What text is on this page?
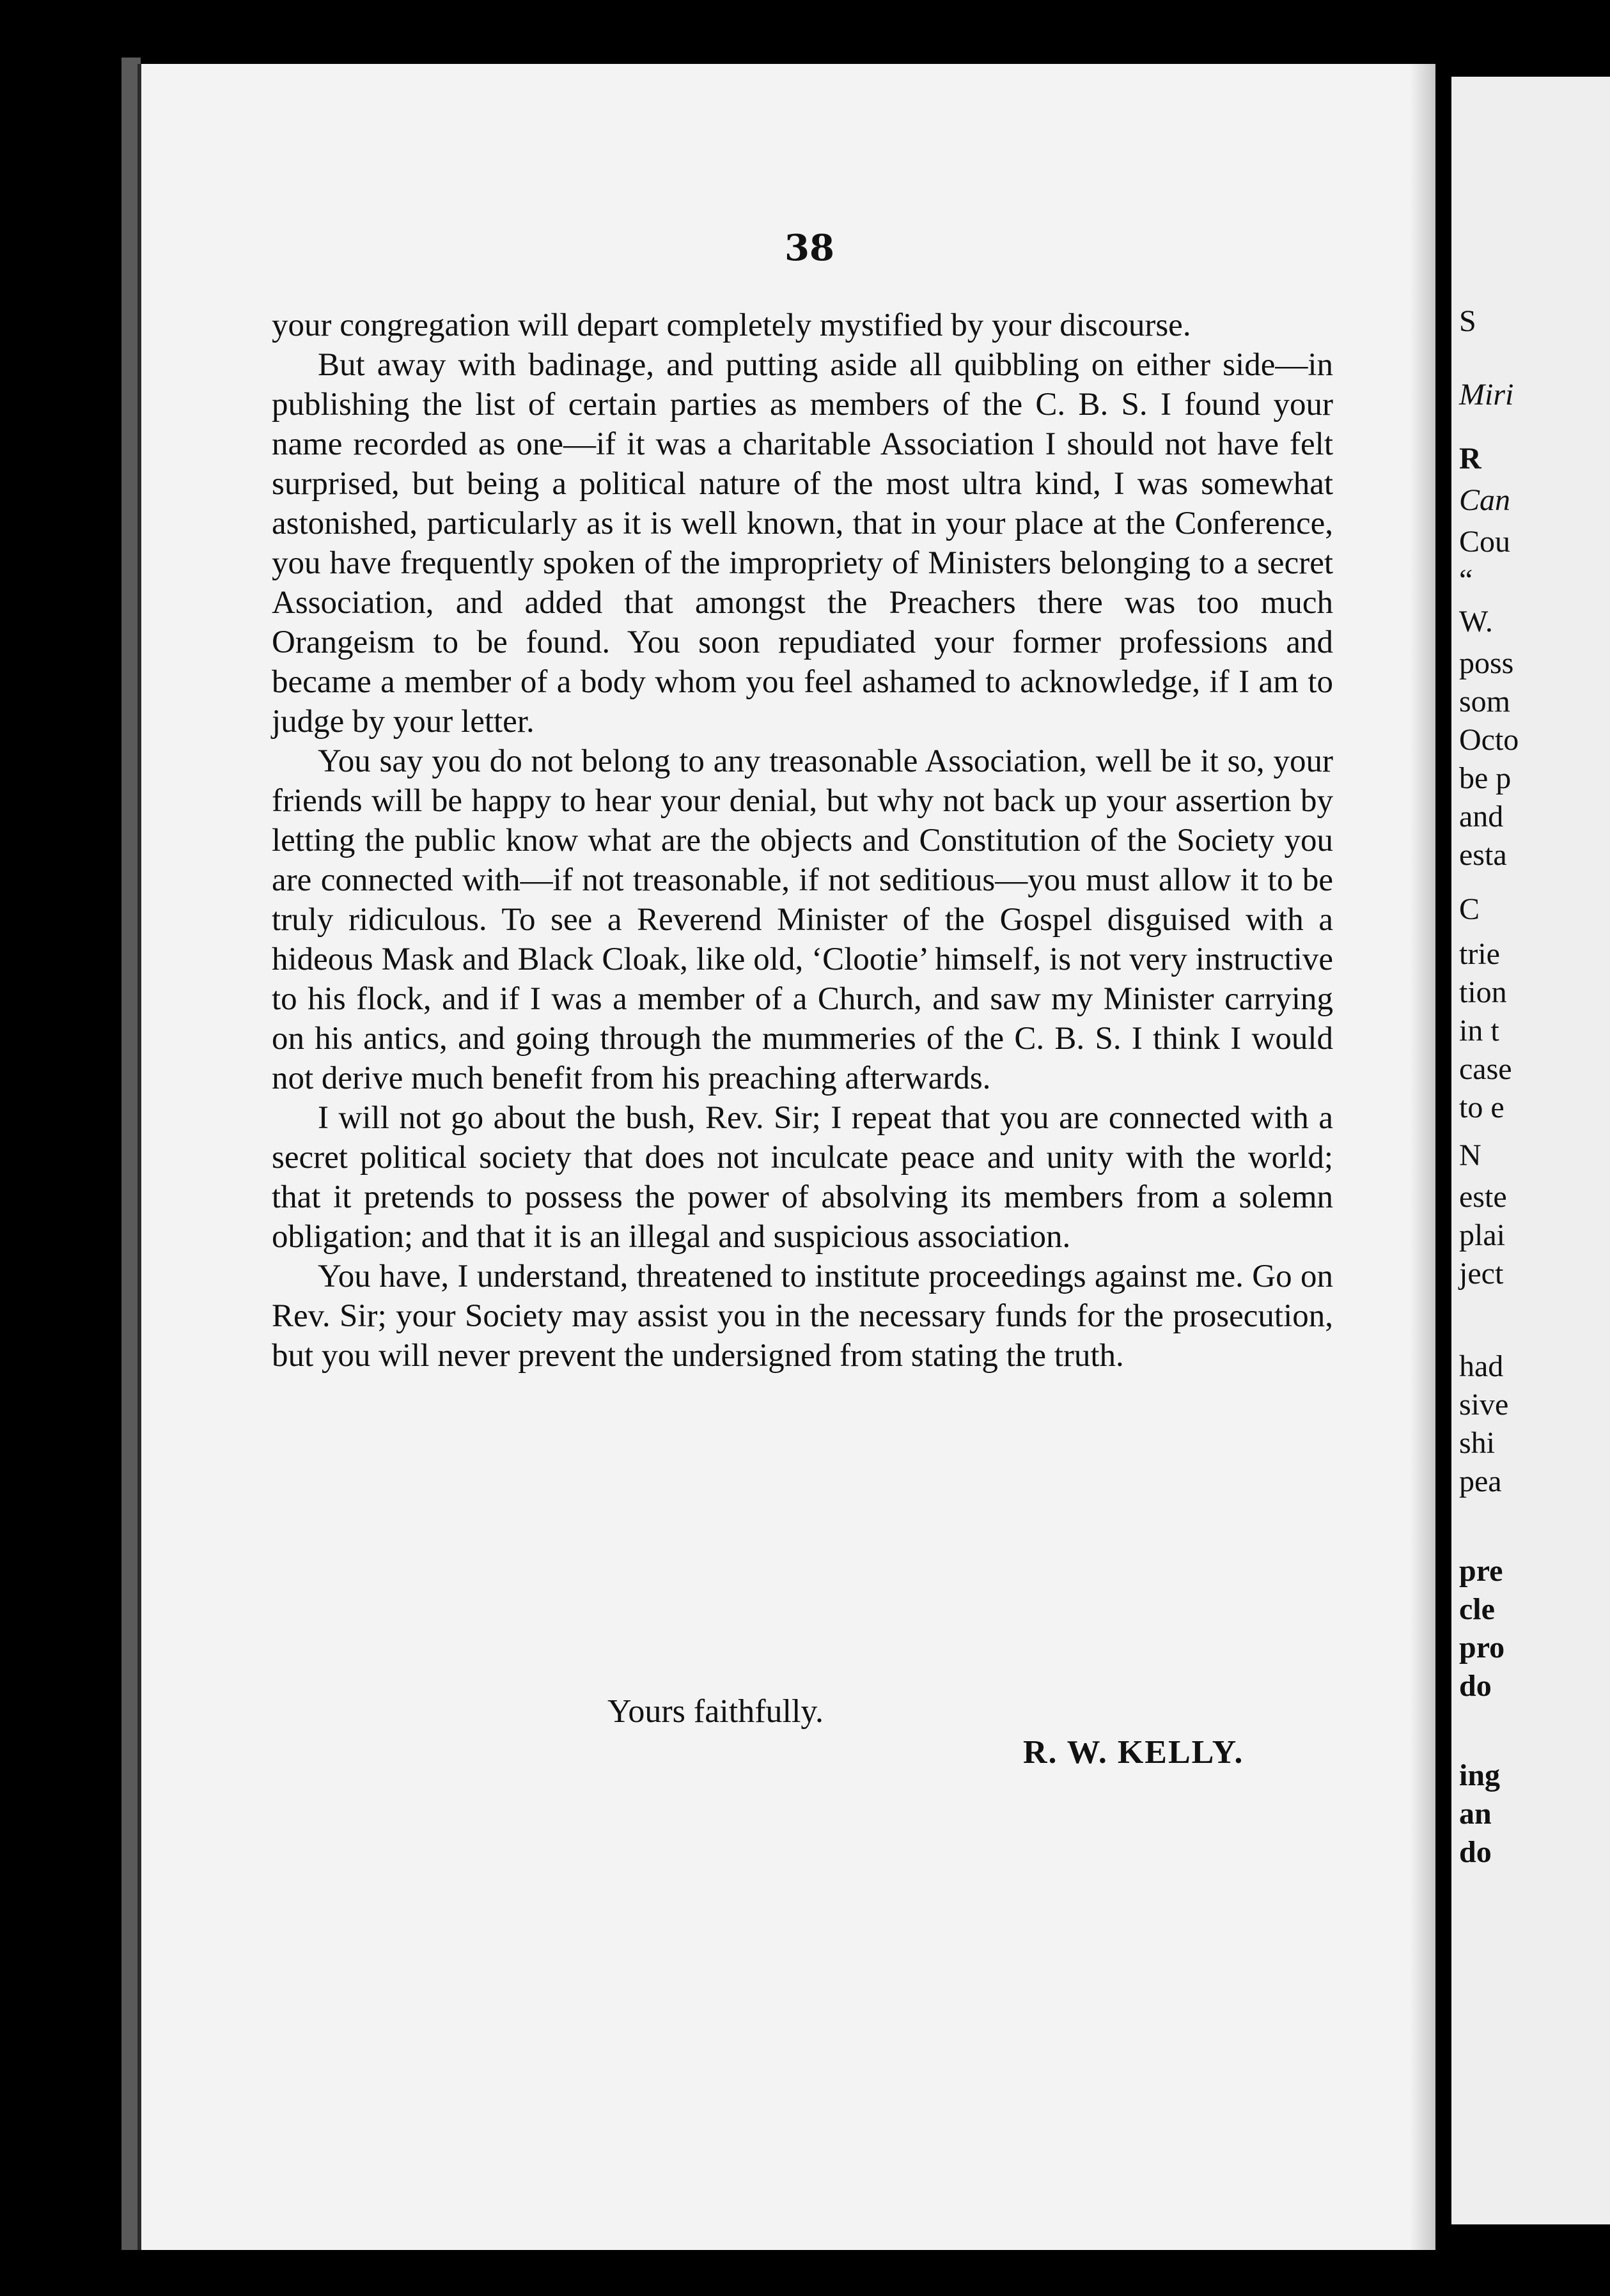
38

your congregation will depart completely mystified by your discourse.

But away with badinage, and putting aside all quibbling on either side—in publishing the list of certain parties as members of the C. B. S. I found your name recorded as one—if it was a charitable Association I should not have felt surprised, but being a political nature of the most ultra kind, I was somewhat astonished, particularly as it is well known, that in your place at the Conference, you have frequently spoken of the impropriety of Ministers belonging to a secret Association, and added that amongst the Preachers there was too much Orangeism to be found. You soon repudiated your former professions and became a member of a body whom you feel ashamed to acknowledge, if I am to judge by your letter.

You say you do not belong to any treasonable Association, well be it so, your friends will be happy to hear your denial, but why not back up your assertion by letting the public know what are the objects and Constitution of the Society you are connected with—if not treasonable, if not seditious—you must allow it to be truly ridiculous. To see a Reverend Minister of the Gospel disguised with a hideous Mask and Black Cloak, like old, ‘Clootie’ himself, is not very instructive to his flock, and if I was a member of a Church, and saw my Minister carrying on his antics, and going through the mummeries of the C. B. S. I think I would not derive much benefit from his preaching afterwards.

I will not go about the bush, Rev. Sir; I repeat that you are connected with a secret political society that does not inculcate peace and unity with the world; that it pretends to possess the power of absolving its members from a solemn obligation; and that it is an illegal and suspicious association.

You have, I understand, threatened to institute proceedings against me. Go on Rev. Sir; your Society may assist you in the necessary funds for the prosecution, but you will never prevent the undersigned from stating the truth.

Yours faithfully.
R. W. KELLY.
S
Miri
R
Can
Cou
“
W.
poss
som
Octo
be p
and
esta
C
trie
tion
in t
case
to e
N
este
plai
ject
had
sive
shi
pea
pre
cle
pro
do
ing
an
do
